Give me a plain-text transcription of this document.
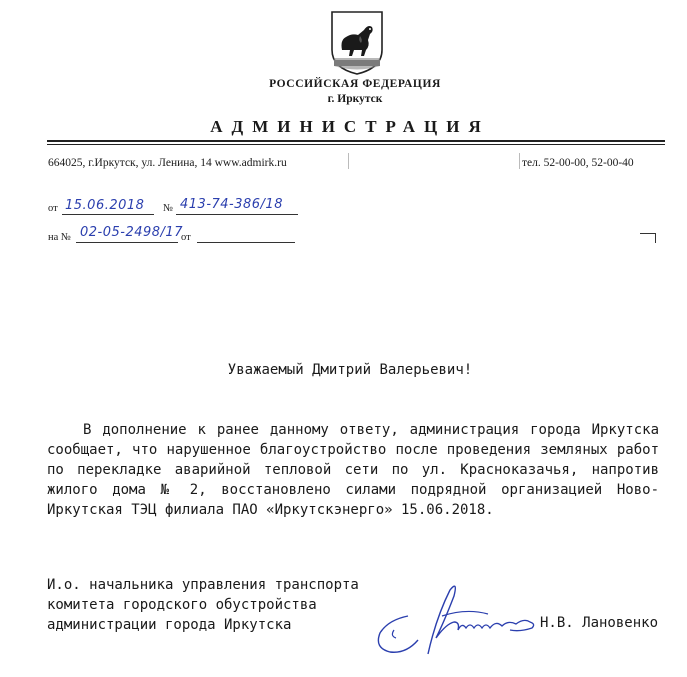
РОССИЙСКАЯ ФЕДЕРАЦИЯ
г. Иркутск
АДМИНИСТРАЦИЯ
664025, г.Иркутск, ул. Ленина, 14 www.admirk.ru	тел. 52-00-00, 52-00-40
от 15.06.2018 № 413-74-386/18
на № 02-05-2498/17
от
Уважаемый Дмитрий Валерьевич!
В дополнение к ранее данному ответу, администрация города Иркутска сообщает, что нарушенное благоустройство после проведения земляных работ по перекладке аварийной тепловой сети по ул. Красноказачья, напротив жилого дома № 2, восстановлено силами подрядной организацией Ново-Иркутская ТЭЦ филиала ПАО «Иркутскэнерго» 15.06.2018.
И.о. начальника управления транспорта
комитета городского обустройства
администрации города Иркутска	Н.В. Лановенко
